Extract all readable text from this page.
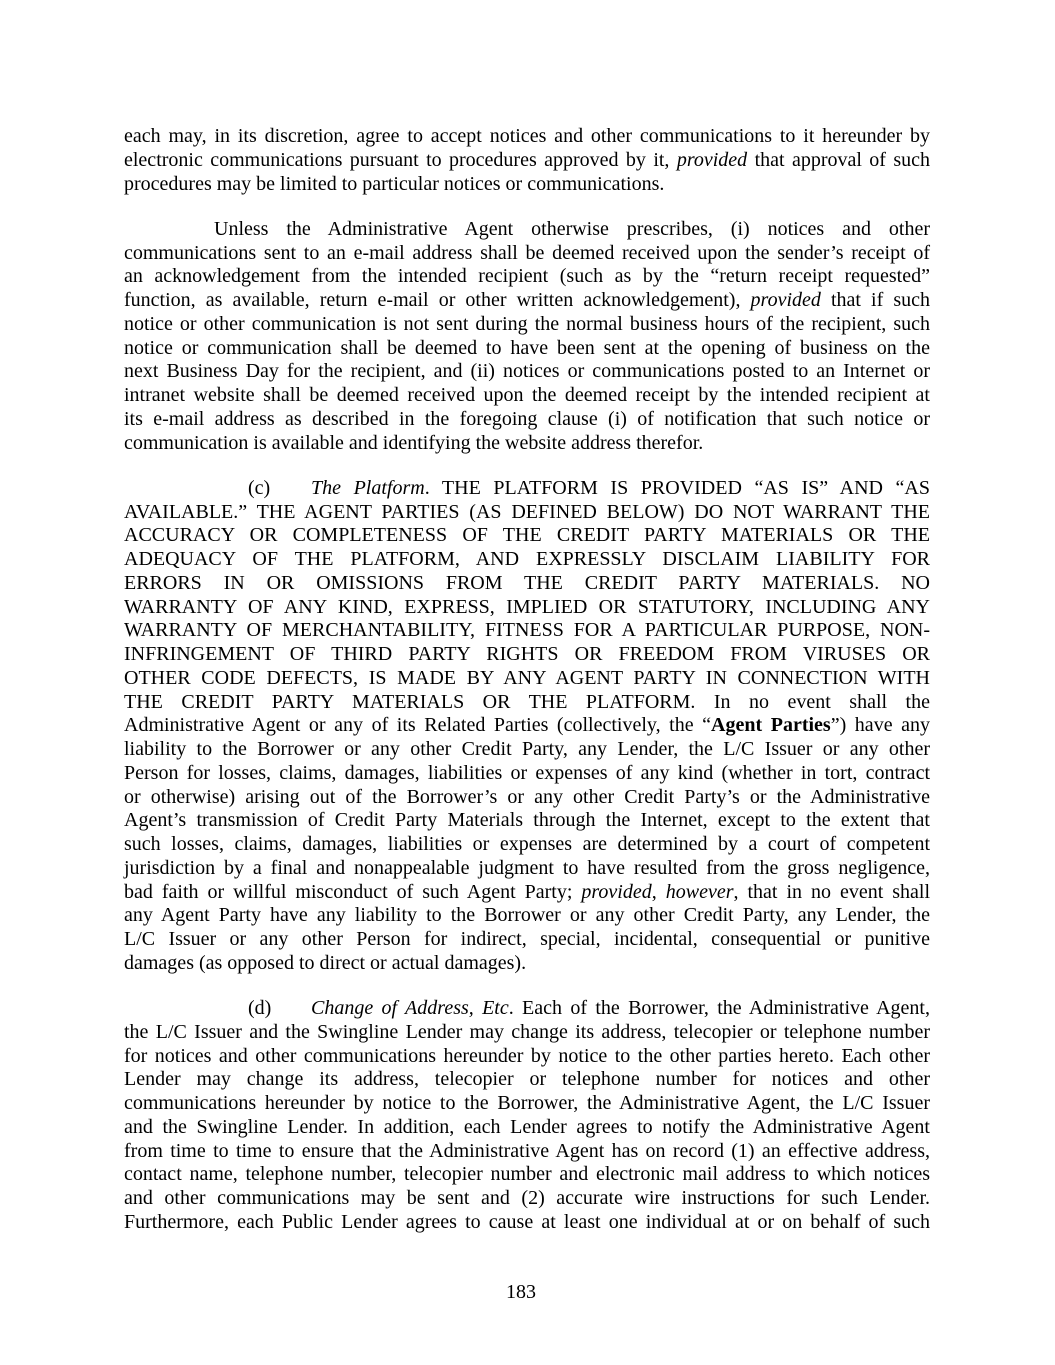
each may, in its discretion, agree to accept notices and other communications to it hereunder by
electronic communications pursuant to procedures approved by it, provided that approval of such
procedures may be limited to particular notices or communications.
Unless the Administrative Agent otherwise prescribes, (i) notices and other
communications sent to an e-mail address shall be deemed received upon the sender’s receipt of
an acknowledgement from the intended recipient (such as by the “return receipt requested”
function, as available, return e-mail or other written acknowledgement), provided that if such
notice or other communication is not sent during the normal business hours of the recipient, such
notice or communication shall be deemed to have been sent at the opening of business on the
next Business Day for the recipient, and (ii) notices or communications posted to an Internet or
intranet website shall be deemed received upon the deemed receipt by the intended recipient at
its e-mail address as described in the foregoing clause (i) of notification that such notice or
communication is available and identifying the website address therefor.
(c) The Platform. THE PLATFORM IS PROVIDED “AS IS” AND “AS
AVAILABLE.” THE AGENT PARTIES (AS DEFINED BELOW) DO NOT WARRANT THE
ACCURACY OR COMPLETENESS OF THE CREDIT PARTY MATERIALS OR THE
ADEQUACY OF THE PLATFORM, AND EXPRESSLY DISCLAIM LIABILITY FOR
ERRORS IN OR OMISSIONS FROM THE CREDIT PARTY MATERIALS. NO
WARRANTY OF ANY KIND, EXPRESS, IMPLIED OR STATUTORY, INCLUDING ANY
WARRANTY OF MERCHANTABILITY, FITNESS FOR A PARTICULAR PURPOSE, NON-
INFRINGEMENT OF THIRD PARTY RIGHTS OR FREEDOM FROM VIRUSES OR
OTHER CODE DEFECTS, IS MADE BY ANY AGENT PARTY IN CONNECTION WITH
THE CREDIT PARTY MATERIALS OR THE PLATFORM. In no event shall the
Administrative Agent or any of its Related Parties (collectively, the “Agent Parties”) have any
liability to the Borrower or any other Credit Party, any Lender, the L/C Issuer or any other
Person for losses, claims, damages, liabilities or expenses of any kind (whether in tort, contract
or otherwise) arising out of the Borrower’s or any other Credit Party’s or the Administrative
Agent’s transmission of Credit Party Materials through the Internet, except to the extent that
such losses, claims, damages, liabilities or expenses are determined by a court of competent
jurisdiction by a final and nonappealable judgment to have resulted from the gross negligence,
bad faith or willful misconduct of such Agent Party; provided, however, that in no event shall
any Agent Party have any liability to the Borrower or any other Credit Party, any Lender, the
L/C Issuer or any other Person for indirect, special, incidental, consequential or punitive
damages (as opposed to direct or actual damages).
(d) Change of Address, Etc. Each of the Borrower, the Administrative Agent,
the L/C Issuer and the Swingline Lender may change its address, telecopier or telephone number
for notices and other communications hereunder by notice to the other parties hereto. Each other
Lender may change its address, telecopier or telephone number for notices and other
communications hereunder by notice to the Borrower, the Administrative Agent, the L/C Issuer
and the Swingline Lender. In addition, each Lender agrees to notify the Administrative Agent
from time to time to ensure that the Administrative Agent has on record (1) an effective address,
contact name, telephone number, telecopier number and electronic mail address to which notices
and other communications may be sent and (2) accurate wire instructions for such Lender.
Furthermore, each Public Lender agrees to cause at least one individual at or on behalf of such
183
